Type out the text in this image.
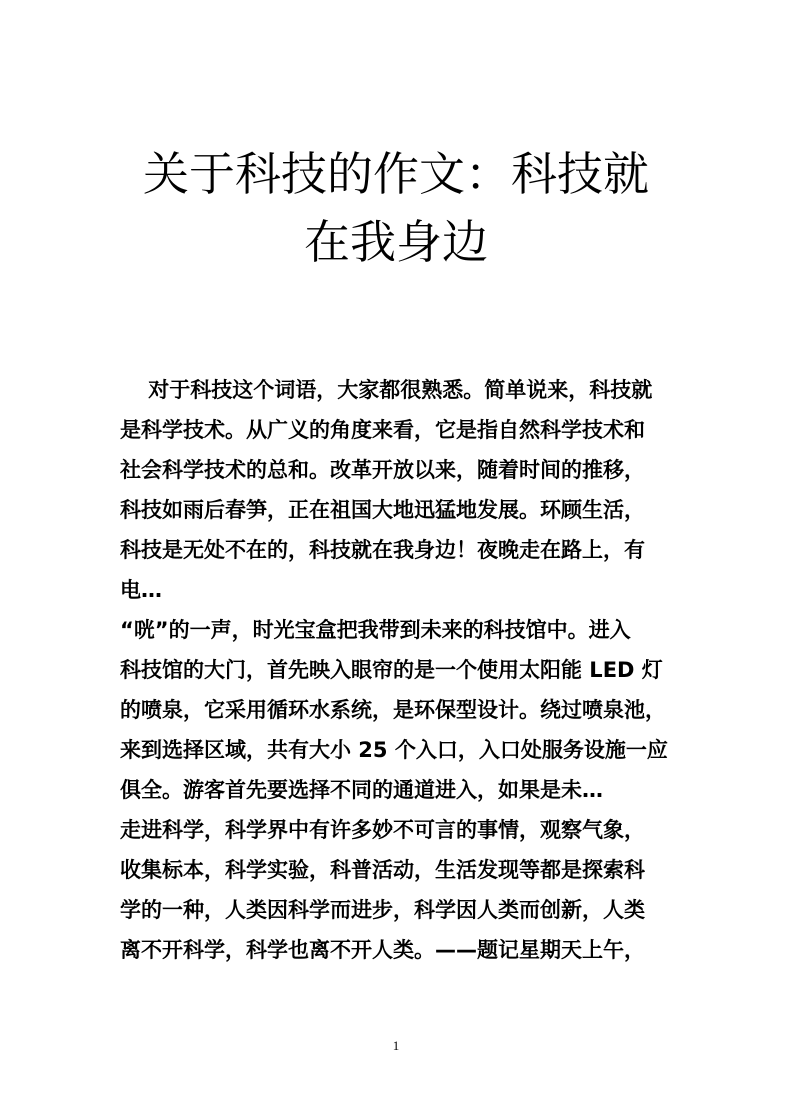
关于科技的作文：科技就
在我身边
　 对于科技这个词语，大家都很熟悉。简单说来，科技就
是科学技术。从广义的角度来看，它是指自然科学技术和
社会科学技术的总和。改革开放以来，随着时间的推移，
科技如雨后春笋，正在祖国大地迅猛地发展。环顾生活，
科技是无处不在的，科技就在我身边！夜晚走在路上，有
电…
“咣”的一声，时光宝盒把我带到未来的科技馆中。进入
科技馆的大门，首先映入眼帘的是一个使用太阳能 LED 灯
的喷泉，它采用循环水系统，是环保型设计。绕过喷泉池，
来到选择区域，共有大小 25 个入口，入口处服务设施一应
俱全。游客首先要选择不同的通道进入，如果是未…
走进科学，科学界中有许多妙不可言的事情，观察气象，
收集标本，科学实验，科普活动，生活发现等都是探索科
学的一种，人类因科学而进步，科学因人类而创新，人类
离不开科学，科学也离不开人类。——题记星期天上午，
1
